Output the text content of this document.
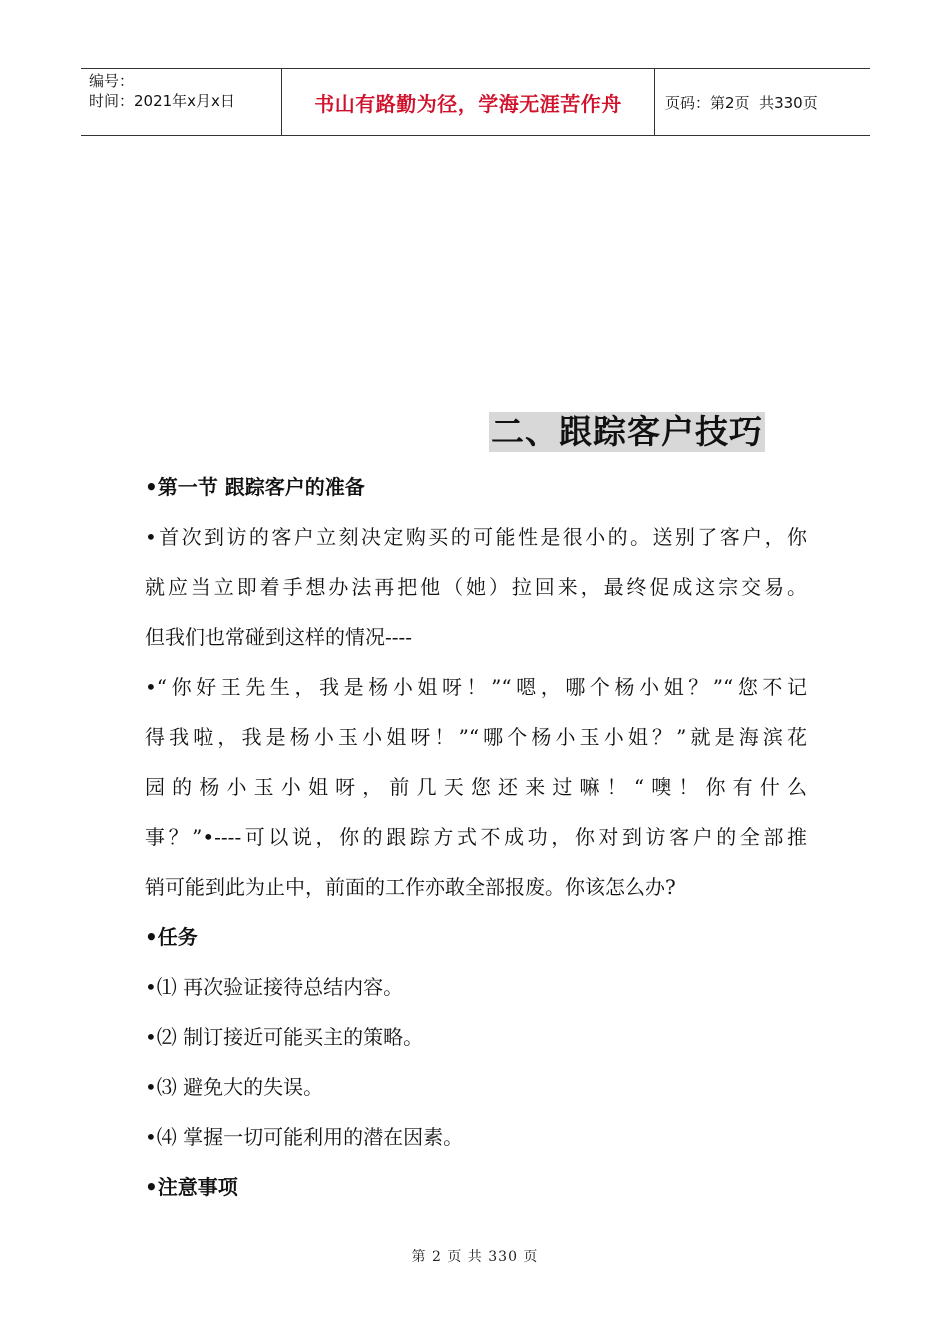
编号：
时间：2021年x月x日	书山有路勤为径，学海无涯苦作舟	页码：第2页  共330页
二、跟踪客户技巧
•第一节 跟踪客户的准备
•首次到访的客户立刻决定购买的可能性是很小的。送别了客户，你
就应当立即着手想办法再把他（她）拉回来，最终促成这宗交易。
但我们也常碰到这样的情况----
•“你好王先生，我是杨小姐呀！”“嗯，哪个杨小姐？”“您不记
得我啦，我是杨小玉小姐呀！”“哪个杨小玉小姐？”就是海滨花
园的杨小玉小姐呀，前几天您还来过嘛！“噢！你有什么
事？”•----可以说，你的跟踪方式不成功，你对到访客户的全部推
销可能到此为止中，前面的工作亦敢全部报废。你该怎么办?
•任务
•⑴ 再次验证接待总结内容。
•⑵ 制订接近可能买主的策略。
•⑶ 避免大的失误。
•⑷ 掌握一切可能利用的潜在因素。
•注意事项
第 2 页 共 330 页
